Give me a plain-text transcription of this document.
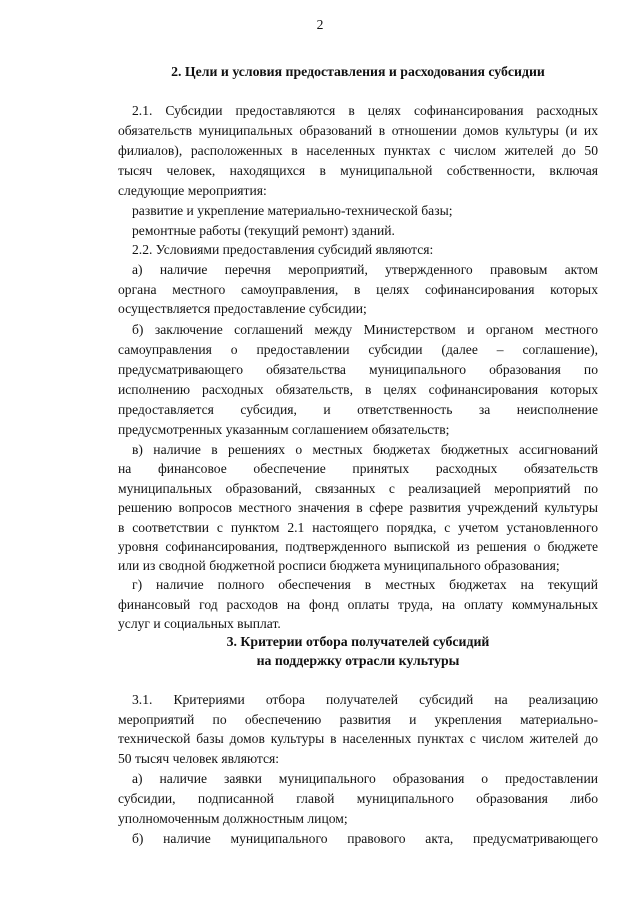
2
2. Цели и условия предоставления и расходования субсидии
2.1. Субсидии предоставляются в целях софинансирования расходных
обязательств муниципальных образований в отношении домов культуры (и их
филиалов), расположенных в населенных пунктах с числом жителей до 50
тысяч человек, находящихся в муниципальной собственности, включая
следующие мероприятия:
развитие и укрепление материально-технической базы;
ремонтные работы (текущий ремонт) зданий.
2.2. Условиями предоставления субсидий являются:
а) наличие перечня мероприятий, утвержденного правовым актом
органа местного самоуправления, в целях софинансирования которых
осуществляется предоставление субсидии;
б) заключение соглашений между Министерством и органом местного
самоуправления о предоставлении субсидии (далее – соглашение),
предусматривающего обязательства муниципального образования по
исполнению расходных обязательств, в целях софинансирования которых
предоставляется субсидия, и ответственность за неисполнение
предусмотренных указанным соглашением обязательств;
в) наличие в решениях о местных бюджетах бюджетных ассигнований
на финансовое обеспечение принятых расходных обязательств
муниципальных образований, связанных с реализацией мероприятий по
решению вопросов местного значения в сфере развития учреждений культуры
в соответствии с пунктом 2.1 настоящего порядка, с учетом установленного
уровня софинансирования, подтвержденного выпиской из решения о бюджете
или из сводной бюджетной росписи бюджета муниципального образования;
г) наличие полного обеспечения в местных бюджетах на текущий
финансовый год расходов на фонд оплаты труда, на оплату коммунальных
услуг и социальных выплат.
3. Критерии отбора получателей субсидий
на поддержку отрасли культуры
3.1. Критериями отбора получателей субсидий на реализацию
мероприятий по обеспечению развития и укрепления материально-
технической базы домов культуры в населенных пунктах с числом жителей до
50 тысяч человек являются:
а) наличие заявки муниципального образования о предоставлении
субсидии, подписанной главой муниципального образования либо
уполномоченным должностным лицом;
б) наличие муниципального правового акта, предусматривающего
